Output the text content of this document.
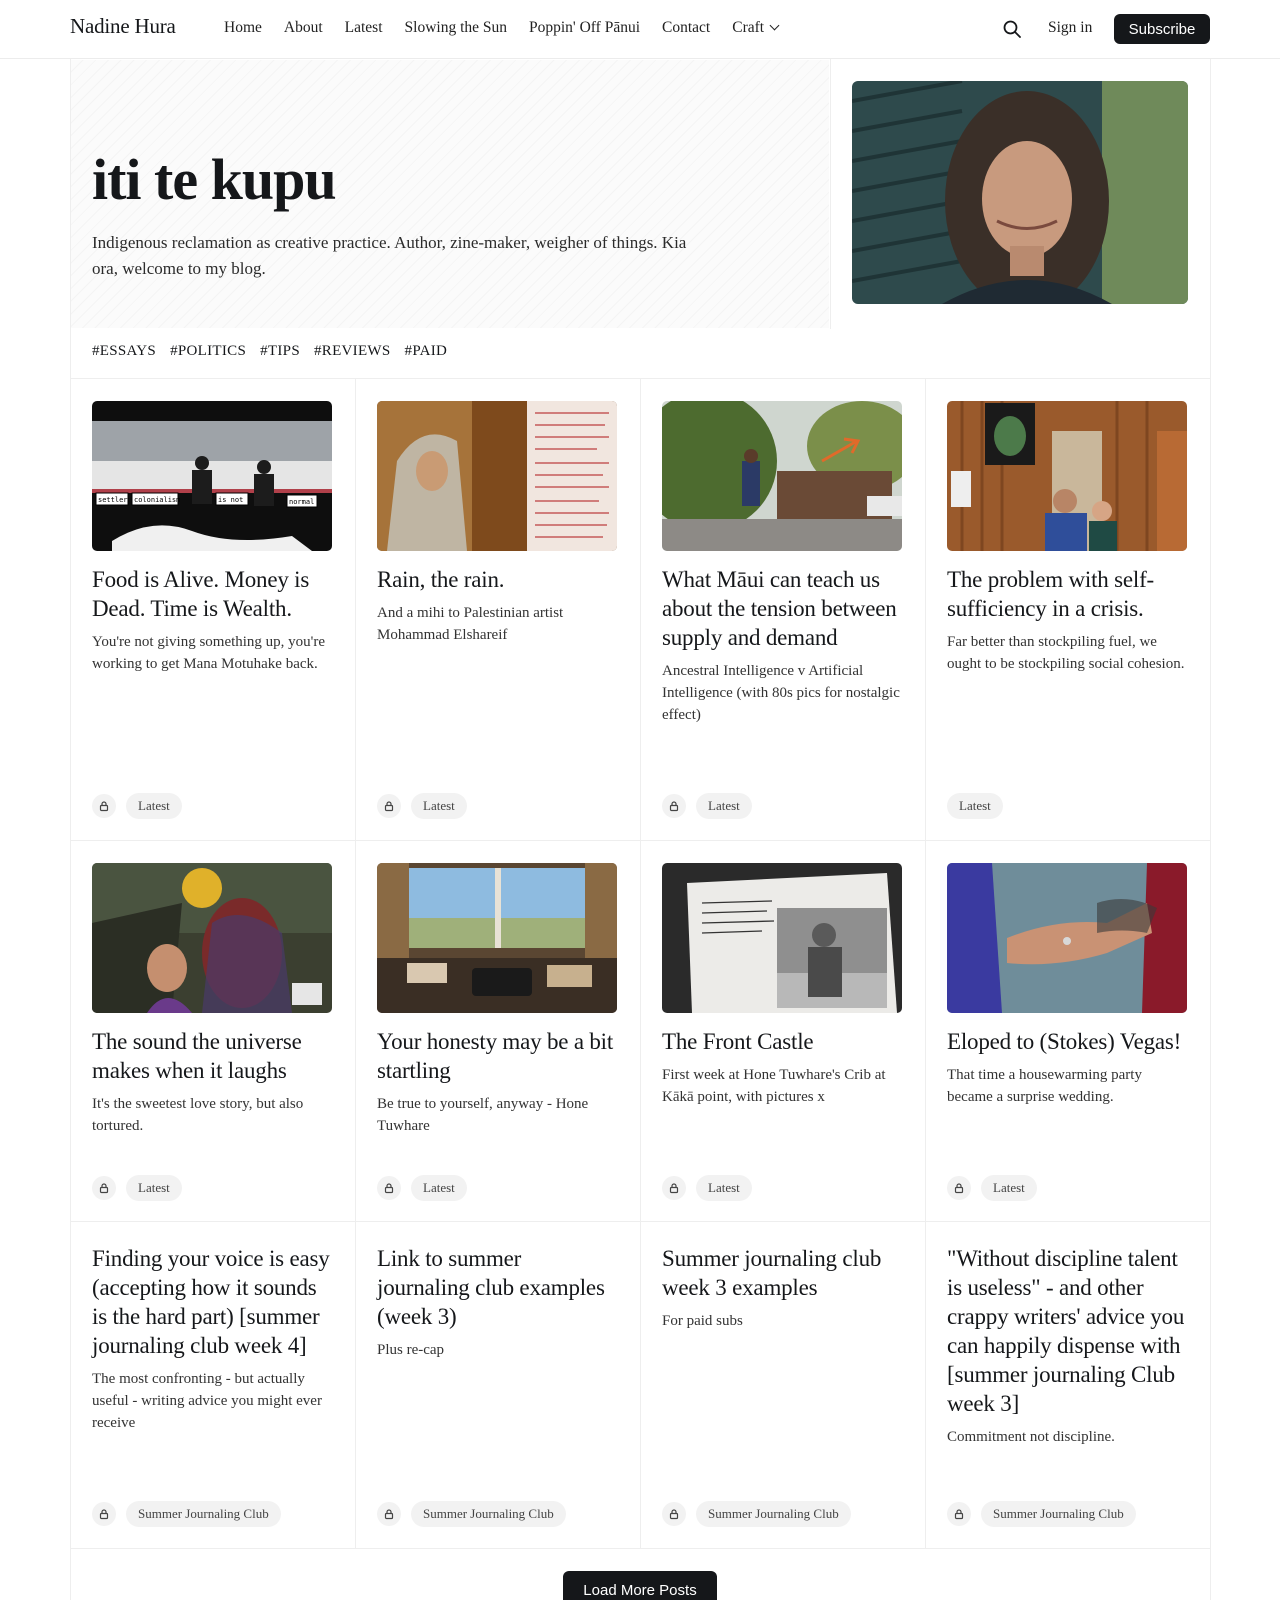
Nadine Hura	Home About Latest Slowing the Sun Poppin' Off Pānui Contact Craft	Sign in	Subscribe
iti te kupu

Indigenous reclamation as creative practice. Author, zine-maker, weigher of things. Kia ora, welcome to my blog.

#ESSAYS #POLITICS #TIPS #REVIEWS #PAID
settler colonialism	is not	normal
Food is Alive. Money is Dead. Time is Wealth.
You're not giving something up, you're working to get Mana Motuhake back.
Latest
Rain, the rain.
And a mihi to Palestinian artist Mohammad Elshareif
Latest
What Māui can teach us about the tension between supply and demand
Ancestral Intelligence v Artificial Intelligence (with 80s pics for nostalgic effect)
Latest
The problem with self-sufficiency in a crisis.
Far better than stockpiling fuel, we ought to be stockpiling social cohesion.
Latest
The sound the universe makes when it laughs
It's the sweetest love story, but also tortured.
Latest
Your honesty may be a bit startling
Be true to yourself, anyway - Hone Tuwhare
Latest
The Front Castle
First week at Hone Tuwhare's Crib at Kākā point, with pictures x
Latest
Eloped to (Stokes) Vegas!
That time a housewarming party became a surprise wedding.
Latest
Finding your voice is easy (accepting how it sounds is the hard part) [summer journaling club week 4]
The most confronting - but actually useful - writing advice you might ever receive
Summer Journaling Club
Link to summer journaling club examples (week 3)
Plus re-cap
Summer Journaling Club
Summer journaling club week 3 examples
For paid subs
Summer Journaling Club
"Without discipline talent is useless" - and other crappy writers' advice you can happily dispense with [summer journaling Club week 3]
Commitment not discipline.
Summer Journaling Club
Load More Posts
